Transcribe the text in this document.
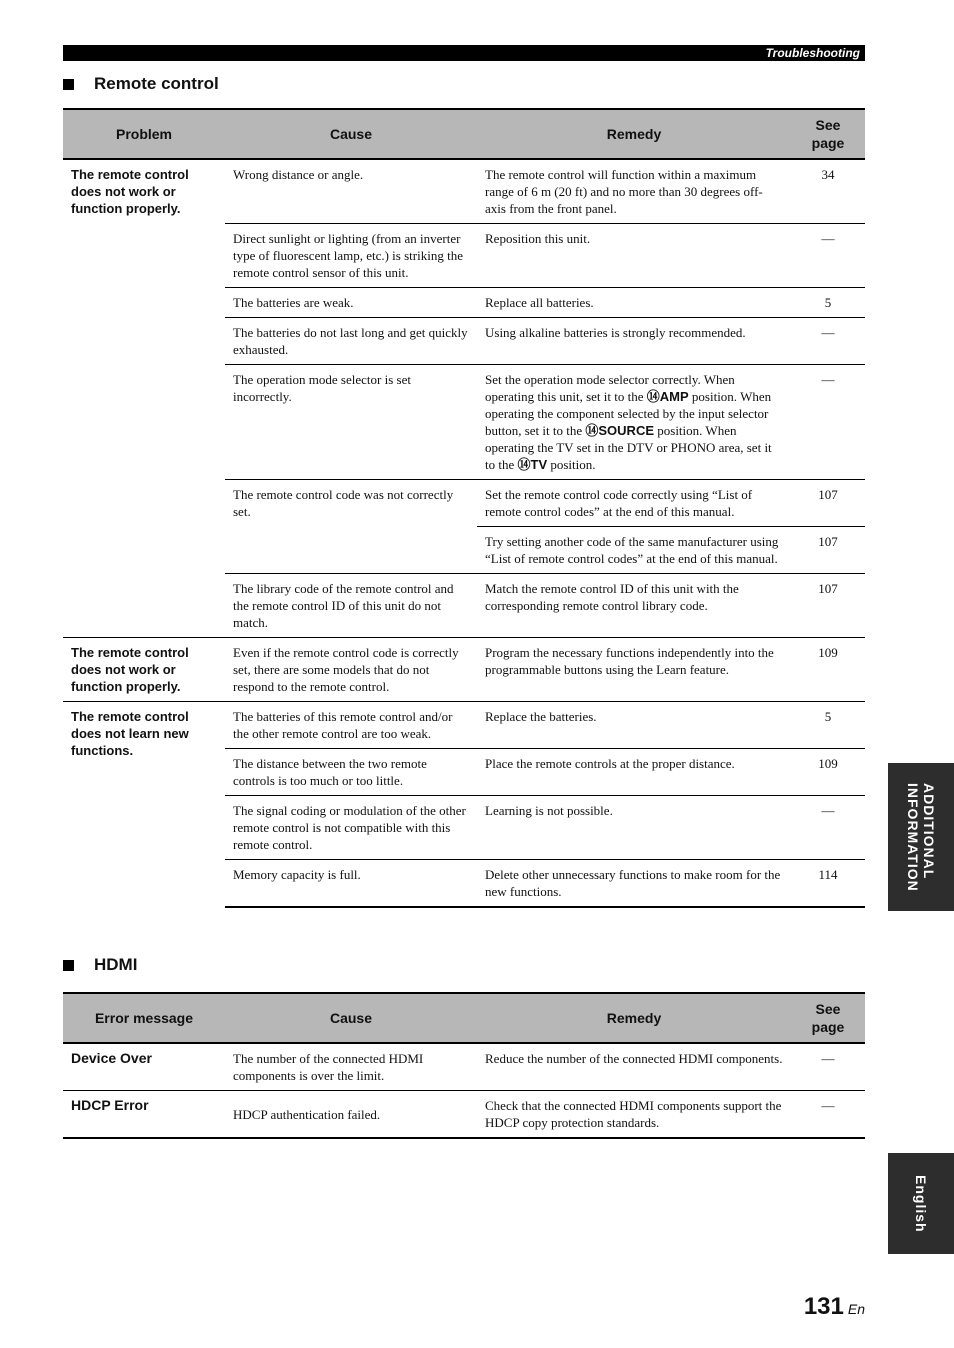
Troubleshooting
Remote control
Problem	Cause	Remedy	See page
The remote control does not work or function properly.	Wrong distance or angle.	The remote control will function within a maximum range of 6 m (20 ft) and no more than 30 degrees off-axis from the front panel.	34
	Direct sunlight or lighting (from an inverter type of fluorescent lamp, etc.) is striking the remote control sensor of this unit.	Reposition this unit.	—
	The batteries are weak.	Replace all batteries.	5
	The batteries do not last long and get quickly exhausted.	Using alkaline batteries is strongly recommended.	—
	The operation mode selector is set incorrectly.	Set the operation mode selector correctly. When operating this unit, set it to the ⑭AMP position. When operating the component selected by the input selector button, set it to the ⑭SOURCE position. When operating the TV set in the DTV or PHONO area, set it to the ⑭TV position.	—
	The remote control code was not correctly set.	Set the remote control code correctly using “List of remote control codes” at the end of this manual.	107
		Try setting another code of the same manufacturer using “List of remote control codes” at the end of this manual.	107
	The library code of the remote control and the remote control ID of this unit do not match.	Match the remote control ID of this unit with the corresponding remote control library code.	107
The remote control does not work or function properly.	Even if the remote control code is correctly set, there are some models that do not respond to the remote control.	Program the necessary functions independently into the programmable buttons using the Learn feature.	109
The remote control does not learn new functions.	The batteries of this remote control and/or the other remote control are too weak.	Replace the batteries.	5
	The distance between the two remote controls is too much or too little.	Place the remote controls at the proper distance.	109
	The signal coding or modulation of the other remote control is not compatible with this remote control.	Learning is not possible.	—
	Memory capacity is full.	Delete other unnecessary functions to make room for the new functions.	114
HDMI
Error message	Cause	Remedy	See page
Device Over	The number of the connected HDMI components is over the limit.	Reduce the number of the connected HDMI components.	—
HDCP Error	HDCP authentication failed.	Check that the connected HDMI components support the HDCP copy protection standards.	—
ADDITIONAL
INFORMATION
English
131 En
